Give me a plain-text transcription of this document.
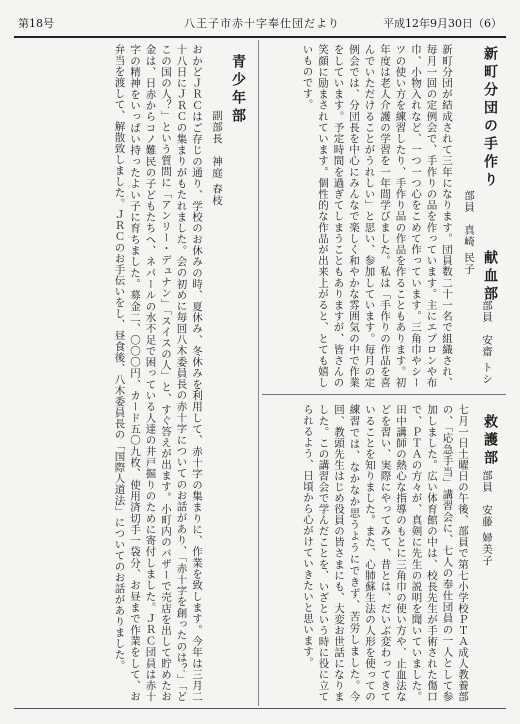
第18号	八王子市赤十字奉仕団だより	平成12年9月30日（6）
救護部
部員　安藤 婦美子
七月一日土曜日の午後、部員で第七小学校ＰＴＡ成人教養部の、「応急手当」講習会に、七人の奉仕団員の一人として参加しました。広い体育館の中は、校長先生が手術された傷口で、ＰＴＡの方々が、真剣に先生の説明を聞いていました。田中講師の熱心な指導のもとに三角巾の使い方や、止血法などを習い、実際にやってみて、昔とは、だいぶ変わってきていることを知りました。また、心肺蘇生法の人形を使っての練習では、なかなか思うようにできず、苦労しました。今回、教頭先生はじめ役員の皆さまにも、大変お世話になりました。この講習会で学んだことを、いざという時に役に立てられるよう、日頃から心がけていきたいと思います。
献血部
部員　安齋 トシ
新町分団の手作り
部員　真崎 民子
新町分団が結成されて三年になります。団員数二十一名で組織され、毎月一回の定例会で、手作りの品を作っています。主にエプロンや布巾、小物入れなど、一つ一つ心をこめて作っています。三角巾やシーツの使い方を練習したり、手作り品の作品を作ることもあります。初年度は老人介護の学習を一年間学びました。私は「手作りの作品を喜んでいただけることがうれしい」と思い、参加しています。毎月の定例会では、分団長を中心にみんなで楽しく和やかな雰囲気の中で作業をしています。予定時間を過ぎてしまうこともありますが、皆さんの笑顔に励まされています。個性的な作品が出来上がると、とても嬉しいものです。
青少年部
副部長　神庭 春枝
おかどＪＲＣはご存じの通り、学校のお休みの時、夏休み、冬休みを利用して、赤十字の集まりに、作業を致します。今年は三月二十八日にＪＲＣの集まりがもたれました。会の初めに毎回八木委員長の赤十字についてのお話があり、「赤十字を創ったのは？」「どこの国の人？」という質問に「アンリー・デュナン」「スイスの人」と、すぐ答えが出ます。小町内のバザーで売店を出して貯めたお金は、日赤からコノ難民の子どもたちへ、ネパールの水不足で困っている人達の井戸掘りのために寄付しました。ＪＲＣ団員は赤十字の精神をいっぱい持ったよい子に育ちました。募金二、〇〇〇円、カード五〇九枚、使用済切手一袋分、お昼まで作業をして、お弁当を渡して、解散致しました。ＪＲＣのお手伝いをし、昼食後、八木委員長の「国際人道法」についてのお話がありました。
